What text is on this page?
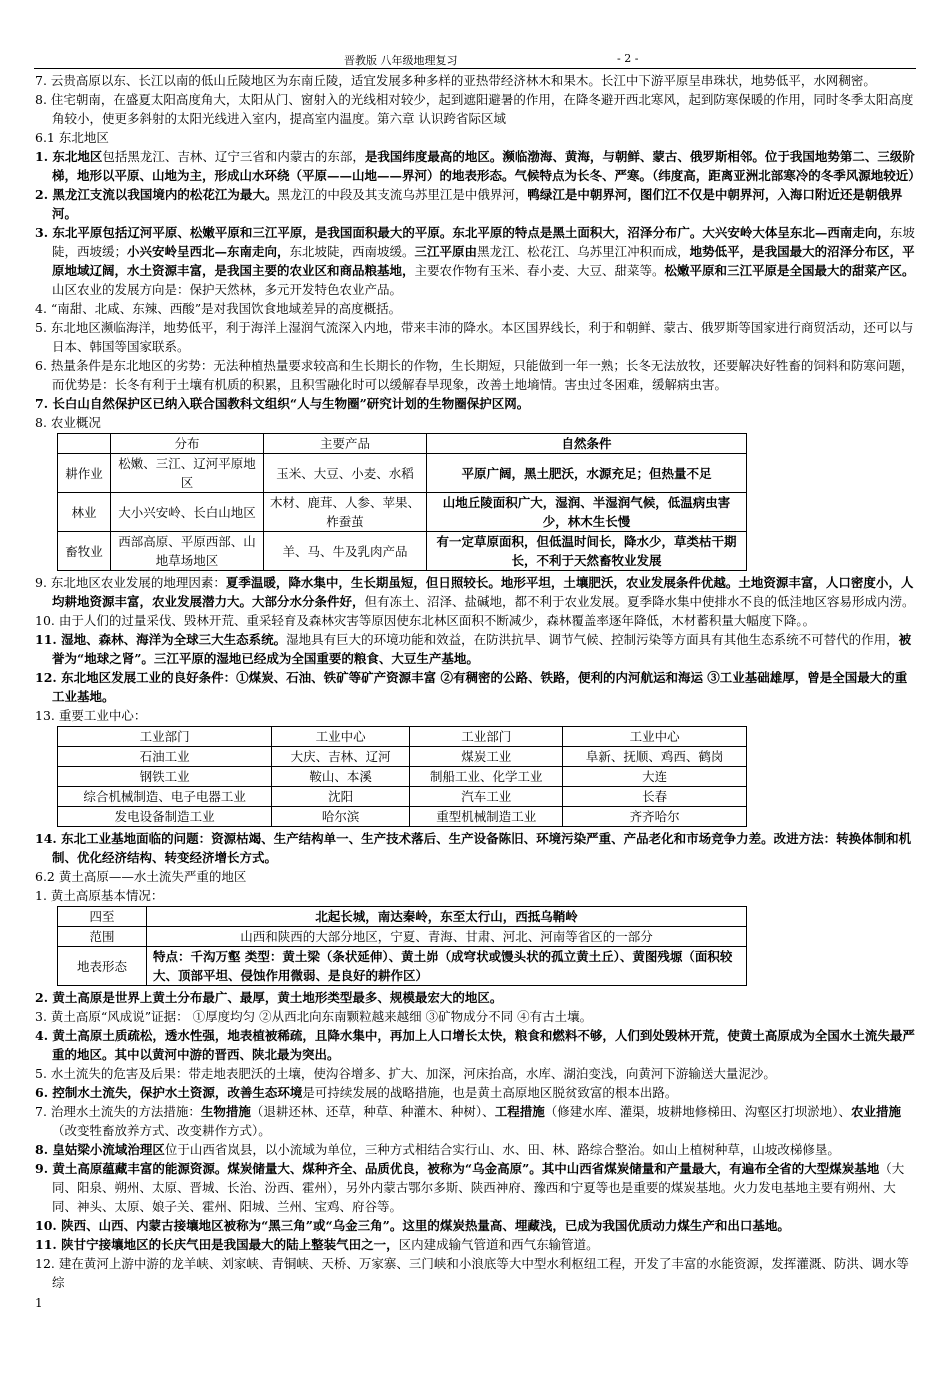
晋教版 八年级地理复习	- 2 -

7. 云贵高原以东、长江以南的低山丘陵地区为东南丘陵，适宜发展多种多样的亚热带经济林木和果木。长江中下游平原呈串珠状，地势低平，水网稠密。

8. 住宅朝南，在盛夏太阳高度角大，太阳从门、窗射入的光线相对较少，起到遮阳避暑的作用，在降冬避开西北寒风，起到防寒保暖的作用，同时冬季太阳高度角较小，使更多斜射的太阳光线进入室内，提高室内温度。第六章 认识跨省际区域

6.1 东北地区

1. 东北地区包括黑龙江、吉林、辽宁三省和内蒙古的东部，是我国纬度最高的地区。濒临渤海、黄海，与朝鲜、蒙古、俄罗斯相邻。位于我国地势第二、三级阶梯，地形以平原、山地为主，形成山水环绕（平原——山地——界河）的地表形态。气候特点为长冬、严寒。（纬度高，距离亚洲北部寒冷的冬季风源地较近）

2. 黑龙江支流以我国境内的松花江为最大。黑龙江的中段及其支流乌苏里江是中俄界河，鸭绿江是中朝界河，图们江不仅是中朝界河，入海口附近还是朝俄界河。

3. 东北平原包括辽河平原、松嫩平原和三江平原，是我国面积最大的平原。东北平原的特点是黑土面积大，沼泽分布广。大兴安岭大体呈东北—西南走向，东坡陡，西坡缓；小兴安岭呈西北—东南走向，东北坡陡，西南坡缓。三江平原由黑龙江、松花江、乌苏里江冲积而成，地势低平，是我国最大的沼泽分布区，平原地域辽阔，水土资源丰富，是我国主要的农业区和商品粮基地，主要农作物有玉米、春小麦、大豆、甜菜等。松嫩平原和三江平原是全国最大的甜菜产区。
山区农业的发展方向是：保护天然林，多元开发特色农业产品。

4. “南甜、北咸、东辣、西酸”是对我国饮食地域差异的高度概括。

5. 东北地区濒临海洋，地势低平，利于海洋上湿润气流深入内地，带来丰沛的降水。本区国界线长，利于和朝鲜、蒙古、俄罗斯等国家进行商贸活动，还可以与日本、韩国等国家联系。

6. 热量条件是东北地区的劣势：无法种植热量要求较高和生长期长的作物，生长期短，只能做到一年一熟；长冬无法放牧，还要解决好牲畜的饲料和防寒问题，而优势是：长冬有利于土壤有机质的积累，且积雪融化时可以缓解春旱现象，改善土地墒情。害虫过冬困难，缓解病虫害。

7. 长白山自然保护区已纳入联合国教科文组织“人与生物圈”研究计划的生物圈保护区网。

8. 农业概况

	分布	主要产品	自然条件
耕作业	松嫩、三江、辽河平原地区	玉米、大豆、小麦、水稻	平原广阔，黑土肥沃，水源充足；但热量不足
林业	大小兴安岭、长白山地区	木材、鹿茸、人参、苹果、柞蚕茧	山地丘陵面积广大，湿润、半湿润气候，低温病虫害少，林木生长慢
畜牧业	西部高原、平原西部、山地草场地区	羊、马、牛及乳肉产品	有一定草原面积，但低温时间长，降水少，草类枯干期长，不利于天然畜牧业发展

9. 东北地区农业发展的地理因素：夏季温暖，降水集中，生长期虽短，但日照较长。地形平坦，土壤肥沃，农业发展条件优越。土地资源丰富，人口密度小，人均耕地资源丰富，农业发展潜力大。大部分水分条件好，但有冻土、沼泽、盐碱地，都不利于农业发展。夏季降水集中使排水不良的低洼地区容易形成内涝。

10. 由于人们的过量采伐、毁林开荒、重采轻育及森林灾害等原因使东北林区面积不断减少，森林覆盖率逐年降低，木材蓄积量大幅度下降。。

11. 湿地、森林、海洋为全球三大生态系统。湿地具有巨大的环境功能和效益，在防洪抗旱、调节气候、控制污染等方面具有其他生态系统不可替代的作用，被誉为“地球之肾”。三江平原的湿地已经成为全国重要的粮食、大豆生产基地。

12. 东北地区发展工业的良好条件：①煤炭、石油、铁矿等矿产资源丰富 ②有稠密的公路、铁路，便利的内河航运和海运 ③工业基础雄厚，曾是全国最大的重工业基地。

13. 重要工业中心：

工业部门	工业中心	工业部门	工业中心
石油工业	大庆、吉林、辽河	煤炭工业	阜新、抚顺、鸡西、鹤岗
钢铁工业	鞍山、本溪	制船工业、化学工业	大连
综合机械制造、电子电器工业	沈阳	汽车工业	长春
发电设备制造工业	哈尔滨	重型机械制造工业	齐齐哈尔

14. 东北工业基地面临的问题：资源枯竭、生产结构单一、生产技术落后、生产设备陈旧、环境污染严重、产品老化和市场竞争力差。改进方法：转换体制和机制、优化经济结构、转变经济增长方式。

6.2 黄土高原——水土流失严重的地区

1. 黄土高原基本情况：

四至	北起长城，南达秦岭，东至太行山，西抵乌鞘岭
范围	山西和陕西的大部分地区，宁夏、青海、甘肃、河北、河南等省区的一部分
地表形态	特点：千沟万壑 类型：黄土梁（条状延伸）、黄土峁（成穹状或馒头状的孤立黄土丘）、黄图残塬（面积较大、顶部平坦、侵蚀作用微弱、是良好的耕作区）

2. 黄土高原是世界上黄土分布最广、最厚，黄土地形类型最多、规模最宏大的地区。

3. 黄土高原“风成说”证据： ①厚度均匀 ②从西北向东南颗粒越来越细 ③矿物成分不同 ④有古土壤。

4. 黄土高原土质疏松，透水性强，地表植被稀疏，且降水集中，再加上人口增长太快，粮食和燃料不够，人们到处毁林开荒，使黄土高原成为全国水土流失最严重的地区。其中以黄河中游的晋西、陕北最为突出。

5. 水土流失的危害及后果：带走地表肥沃的土壤，使沟谷增多、扩大、加深，河床抬高，水库、湖泊变浅，向黄河下游输送大量泥沙。

6. 控制水土流失，保护水土资源，改善生态环境是可持续发展的战略措施，也是黄土高原地区脱贫致富的根本出路。

7. 治理水土流失的方法措施：生物措施（退耕还林、还草，种草、种灌木、种树）、工程措施（修建水库、灌渠，坡耕地修梯田、沟壑区打坝淤地）、农业措施（改变牲畜放养方式、改变耕作方式）。

8. 皇姑梁小流域治理区位于山西省岚县，以小流域为单位，三种方式相结合实行山、水、田、林、路综合整治。如山上植树种草，山坡改梯修垦。

9. 黄土高原蕴藏丰富的能源资源。煤炭储量大、煤种齐全、品质优良，被称为“乌金高原”。其中山西省煤炭储量和产量最大，有遍布全省的大型煤炭基地（大同、阳泉、朔州、太原、晋城、长治、汾西、霍州），另外内蒙古鄂尔多斯、陕西神府、豫西和宁夏等也是重要的煤炭基地。火力发电基地主要有朔州、大同、神头、太原、娘子关、霍州、阳城、兰州、宝鸡、府谷等。

10. 陕西、山西、内蒙古接壤地区被称为“黑三角”或“乌金三角”。这里的煤炭热量高、埋藏浅，已成为我国优质动力煤生产和出口基地。

11. 陕甘宁接壤地区的长庆气田是我国最大的陆上整装气田之一，区内建成输气管道和西气东输管道。

12. 建在黄河上游中游的龙羊峡、刘家峡、青铜峡、天桥、万家寨、三门峡和小浪底等大中型水利枢纽工程，开发了丰富的水能资源，发挥灌溉、防洪、调水等综

1
